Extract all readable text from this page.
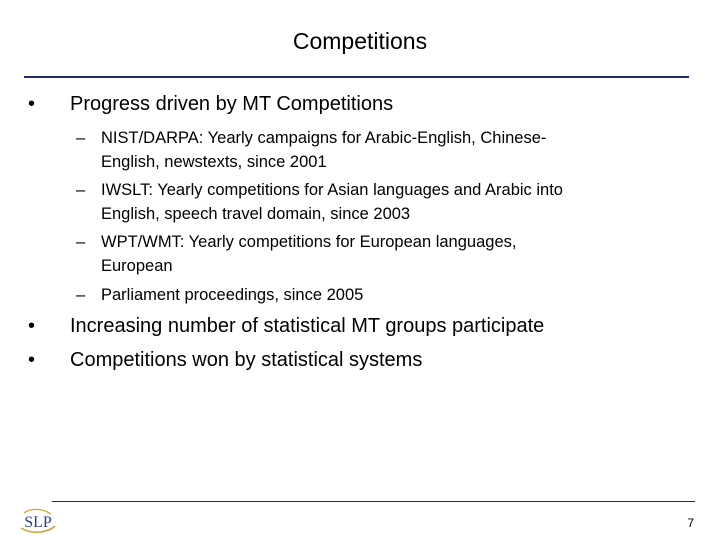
Competitions
• Progress driven by MT Competitions
– NIST/DARPA: Yearly campaigns for Arabic-English, Chinese-
English, newstexts, since 2001
– IWSLT: Yearly competitions for Asian languages and Arabic into
English, speech travel domain, since 2003
– WPT/WMT: Yearly competitions for European languages,
European
– Parliament proceedings, since 2005
• Increasing number of statistical MT groups participate
• Competitions won by statistical systems
SLP	7
